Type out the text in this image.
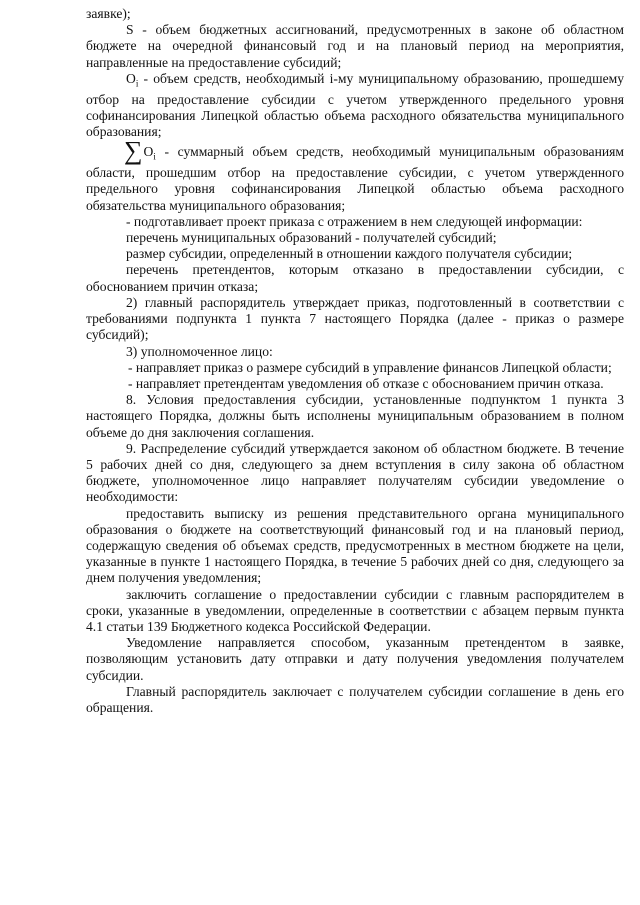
заявке);

S - объем бюджетных ассигнований, предусмотренных в законе об областном бюджете на очередной финансовый год и на плановый период на мероприятия, направленные на предоставление субсидий;

$O_i$ - объем средств, необходимый i-му муниципальному образованию, прошедшему отбор на предоставление субсидии с учетом утвержденного предельного уровня софинансирования Липецкой областью объема расходного обязательства муниципального образования;

$\sum O_i$ - суммарный объем средств, необходимый муниципальным образованиям области, прошедшим отбор на предоставление субсидии, с учетом утвержденного предельного уровня софинансирования Липецкой областью объема расходного обязательства муниципального образования;

- подготавливает проект приказа с отражением в нем следующей информации:

перечень муниципальных образований - получателей субсидий;

размер субсидии, определенный в отношении каждого получателя субсидии;

перечень претендентов, которым отказано в предоставлении субсидии, с обоснованием причин отказа;

2) главный распорядитель утверждает приказ, подготовленный в соответствии с требованиями подпункта 1 пункта 7 настоящего Порядка (далее - приказ о размере субсидий);

3) уполномоченное лицо:

- направляет приказ о размере субсидий в управление финансов Липецкой области;

- направляет претендентам уведомления об отказе с обоснованием причин отказа.

8. Условия предоставления субсидии, установленные подпунктом 1 пункта 3 настоящего Порядка, должны быть исполнены муниципальным образованием в полном объеме до дня заключения соглашения.

9. Распределение субсидий утверждается законом об областном бюджете. В течение 5 рабочих дней со дня, следующего за днем вступления в силу закона об областном бюджете, уполномоченное лицо направляет получателям субсидии уведомление о необходимости:

предоставить выписку из решения представительного органа муниципального образования о бюджете на соответствующий финансовый год и на плановый период, содержащую сведения об объемах средств, предусмотренных в местном бюджете на цели, указанные в пункте 1 настоящего Порядка, в течение 5 рабочих дней со дня, следующего за днем получения уведомления;

заключить соглашение о предоставлении субсидии с главным распорядителем в сроки, указанные в уведомлении, определенные в соответствии с абзацем первым пункта 4.1 статьи 139 Бюджетного кодекса Российской Федерации.

Уведомление направляется способом, указанным претендентом в заявке, позволяющим установить дату отправки и дату получения уведомления получателем субсидии.

Главный распорядитель заключает с получателем субсидии соглашение в день его обращения.
